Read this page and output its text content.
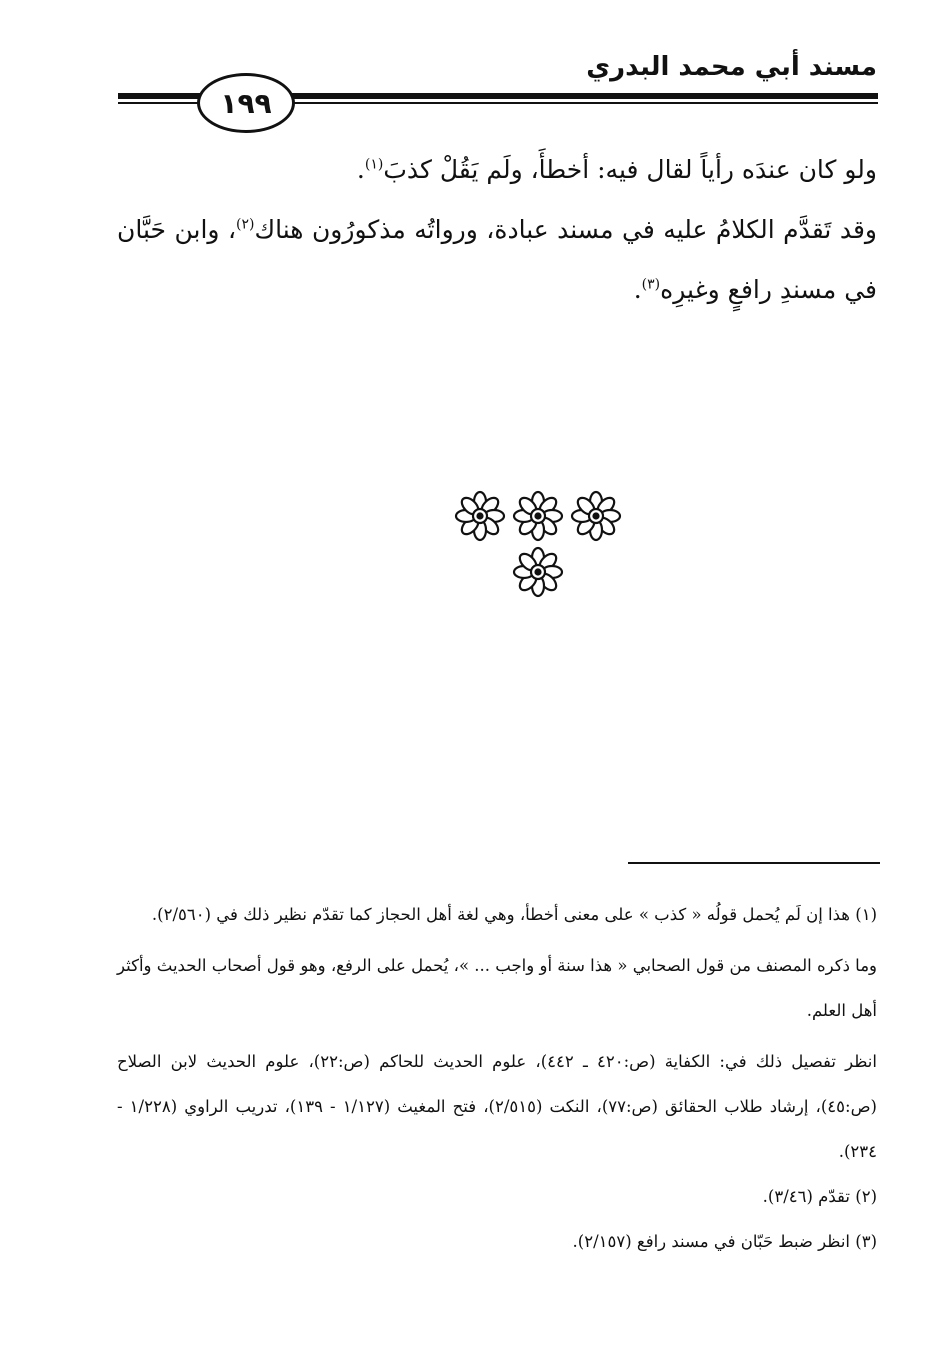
مسند أبي محمد البدري
١٩٩

ولو كان عندَه رأياً لقال فيه: أخطأَ، ولَم يَقُلْ كذبَ$^{(١)}$.

وقد تَقدَّم الكلامُ عليه في مسند عبادة، ورواتُه مذكورُون هناك$^{(٢)}$، وابن حَبَّان في مسندِ رافعٍ وغيرِه$^{(٣)}$.

(١) هذا إن لَم يُحمل قولُه « كذب » على معنى أخطأ، وهي لغة أهل الحجاز كما تقدّم نظير ذلك في (٢/٥٦٠).

وما ذكره المصنف من قول الصحابي « هذا سنة أو واجب ... »، يُحمل على الرفع، وهو قول أصحاب الحديث وأكثر أهل العلم.

انظر تفصيل ذلك في: الكفاية (ص:٤٢٠ ـ ٤٤٢)، علوم الحديث للحاكم (ص:٢٢)، علوم الحديث لابن الصلاح (ص:٤٥)، إرشاد طلاب الحقائق (ص:٧٧)، النكت (٢/٥١٥)، فتح المغيث (١/١٢٧ - ١٣٩)، تدريب الراوي (١/٢٢٨ - ٢٣٤).

(٢) تقدّم (٣/٤٦).

(٣) انظر ضبط حَبّان في مسند رافع (٢/١٥٧).
